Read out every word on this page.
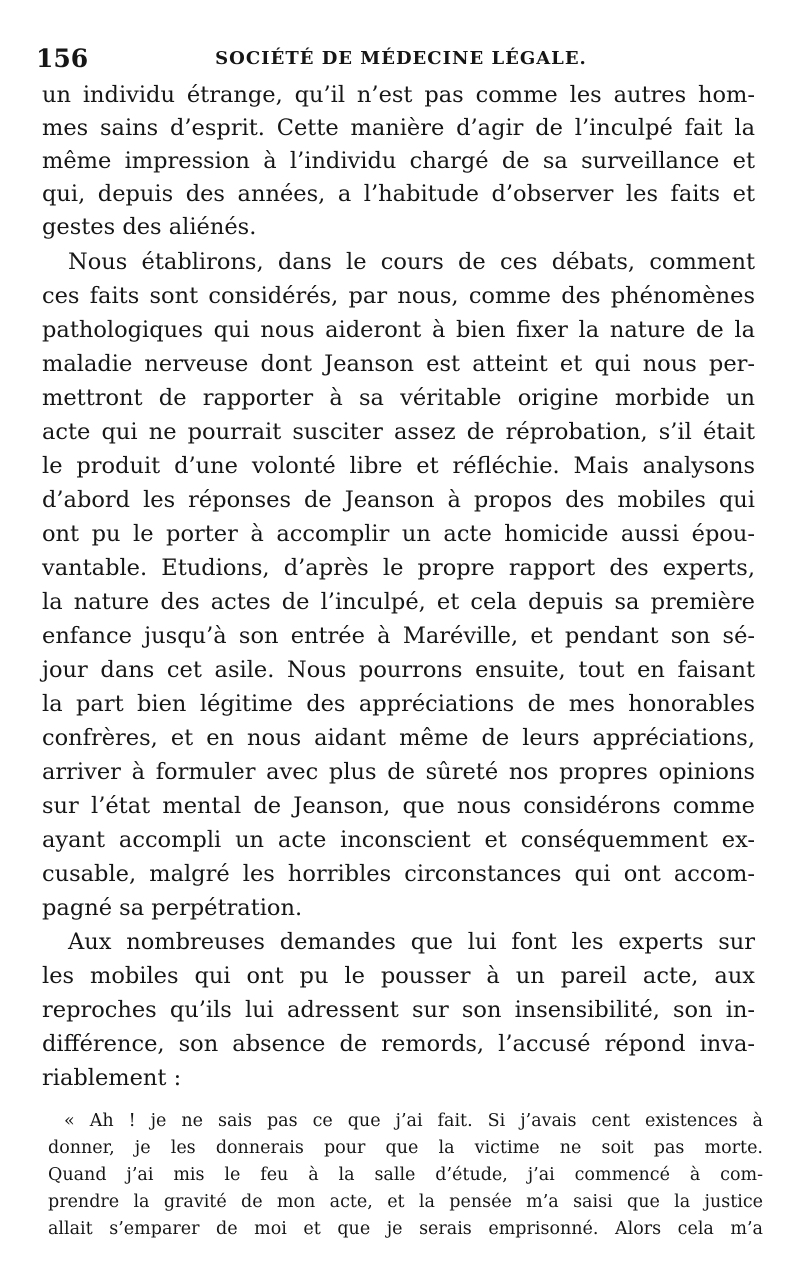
156	SOCIÉTÉ DE MÉDECINE LÉGALE.
un individu étrange, qu’il n’est pas comme les autres hom-
mes sains d’esprit. Cette manière d’agir de l’inculpé fait la
même impression à l’individu chargé de sa surveillance et
qui, depuis des années, a l’habitude d’observer les faits et
gestes des aliénés.
Nous établirons, dans le cours de ces débats, comment
ces faits sont considérés, par nous, comme des phénomènes
pathologiques qui nous aideront à bien fixer la nature de la
maladie nerveuse dont Jeanson est atteint et qui nous per-
mettront de rapporter à sa véritable origine morbide un
acte qui ne pourrait susciter assez de réprobation, s’il était
le produit d’une volonté libre et réfléchie. Mais analysons
d’abord les réponses de Jeanson à propos des mobiles qui
ont pu le porter à accomplir un acte homicide aussi épou-
vantable. Etudions, d’après le propre rapport des experts,
la nature des actes de l’inculpé, et cela depuis sa première
enfance jusqu’à son entrée à Maréville, et pendant son sé-
jour dans cet asile. Nous pourrons ensuite, tout en faisant
la part bien légitime des appréciations de mes honorables
confrères, et en nous aidant même de leurs appréciations,
arriver à formuler avec plus de sûreté nos propres opinions
sur l’état mental de Jeanson, que nous considérons comme
ayant accompli un acte inconscient et conséquemment ex-
cusable, malgré les horribles circonstances qui ont accom-
pagné sa perpétration.
Aux nombreuses demandes que lui font les experts sur
les mobiles qui ont pu le pousser à un pareil acte, aux
reproches qu’ils lui adressent sur son insensibilité, son in-
différence, son absence de remords, l’accusé répond inva-
riablement :
« Ah ! je ne sais pas ce que j’ai fait. Si j’avais cent existences à
donner, je les donnerais pour que la victime ne soit pas morte.
Quand j’ai mis le feu à la salle d’étude, j’ai commencé à com-
prendre la gravité de mon acte, et la pensée m’a saisi que la justice
allait s’emparer de moi et que je serais emprisonné. Alors cela m’a
